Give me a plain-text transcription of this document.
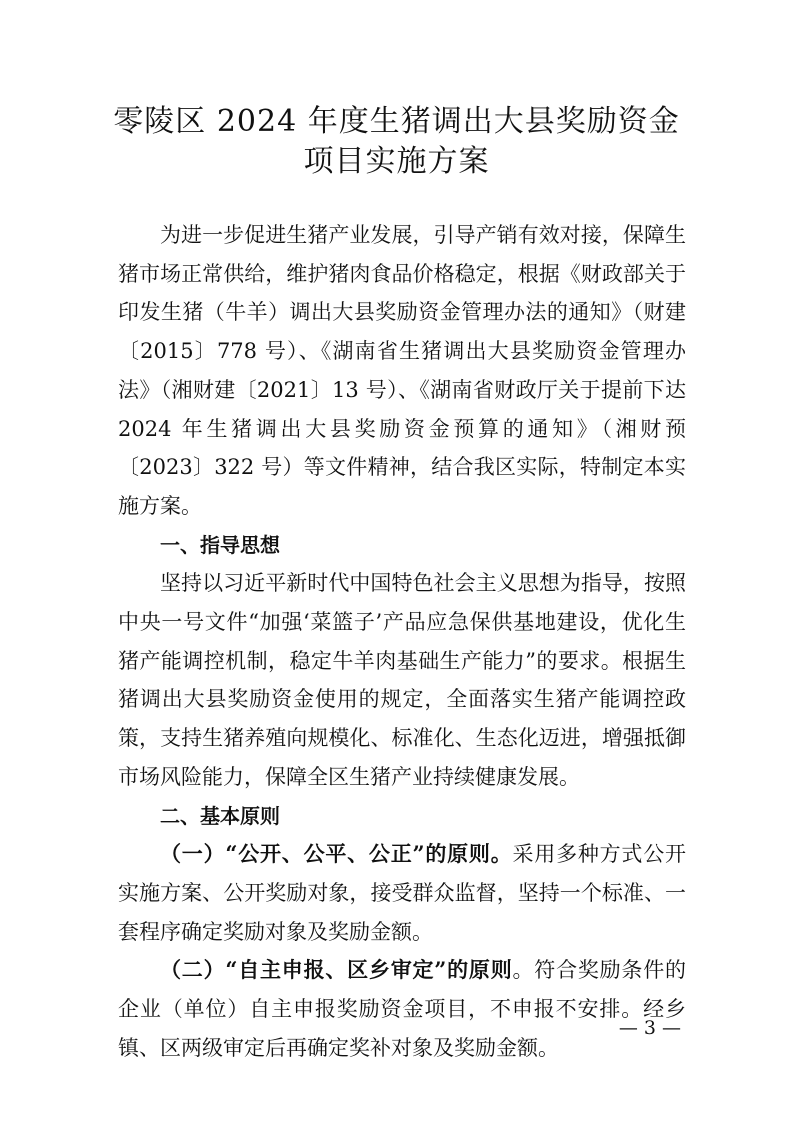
零陵区 2024 年度生猪调出大县奖励资金
项目实施方案

为进一步促进生猪产业发展，引导产销有效对接，保障生猪市场正常供给，维护猪肉食品价格稳定，根据《财政部关于印发生猪（牛羊）调出大县奖励资金管理办法的通知》（财建〔2015〕778 号）、《湖南省生猪调出大县奖励资金管理办法》（湘财建〔2021〕13 号）、《湖南省财政厅关于提前下达 2024 年生猪调出大县奖励资金预算的通知》（湘财预〔2023〕322 号）等文件精神，结合我区实际，特制定本实施方案。

一、指导思想

坚持以习近平新时代中国特色社会主义思想为指导，按照中央一号文件“加强‘菜篮子’产品应急保供基地建设，优化生猪产能调控机制，稳定牛羊肉基础生产能力”的要求。根据生猪调出大县奖励资金使用的规定，全面落实生猪产能调控政策，支持生猪养殖向规模化、标准化、生态化迈进，增强抵御市场风险能力，保障全区生猪产业持续健康发展。

二、基本原则

（一）“公开、公平、公正”的原则。采用多种方式公开实施方案、公开奖励对象，接受群众监督，坚持一个标准、一套程序确定奖励对象及奖励金额。

（二）“自主申报、区乡审定”的原则。符合奖励条件的企业（单位）自主申报奖励资金项目，不申报不安排。经乡镇、区两级审定后再确定奖补对象及奖励金额。

— 3 —
